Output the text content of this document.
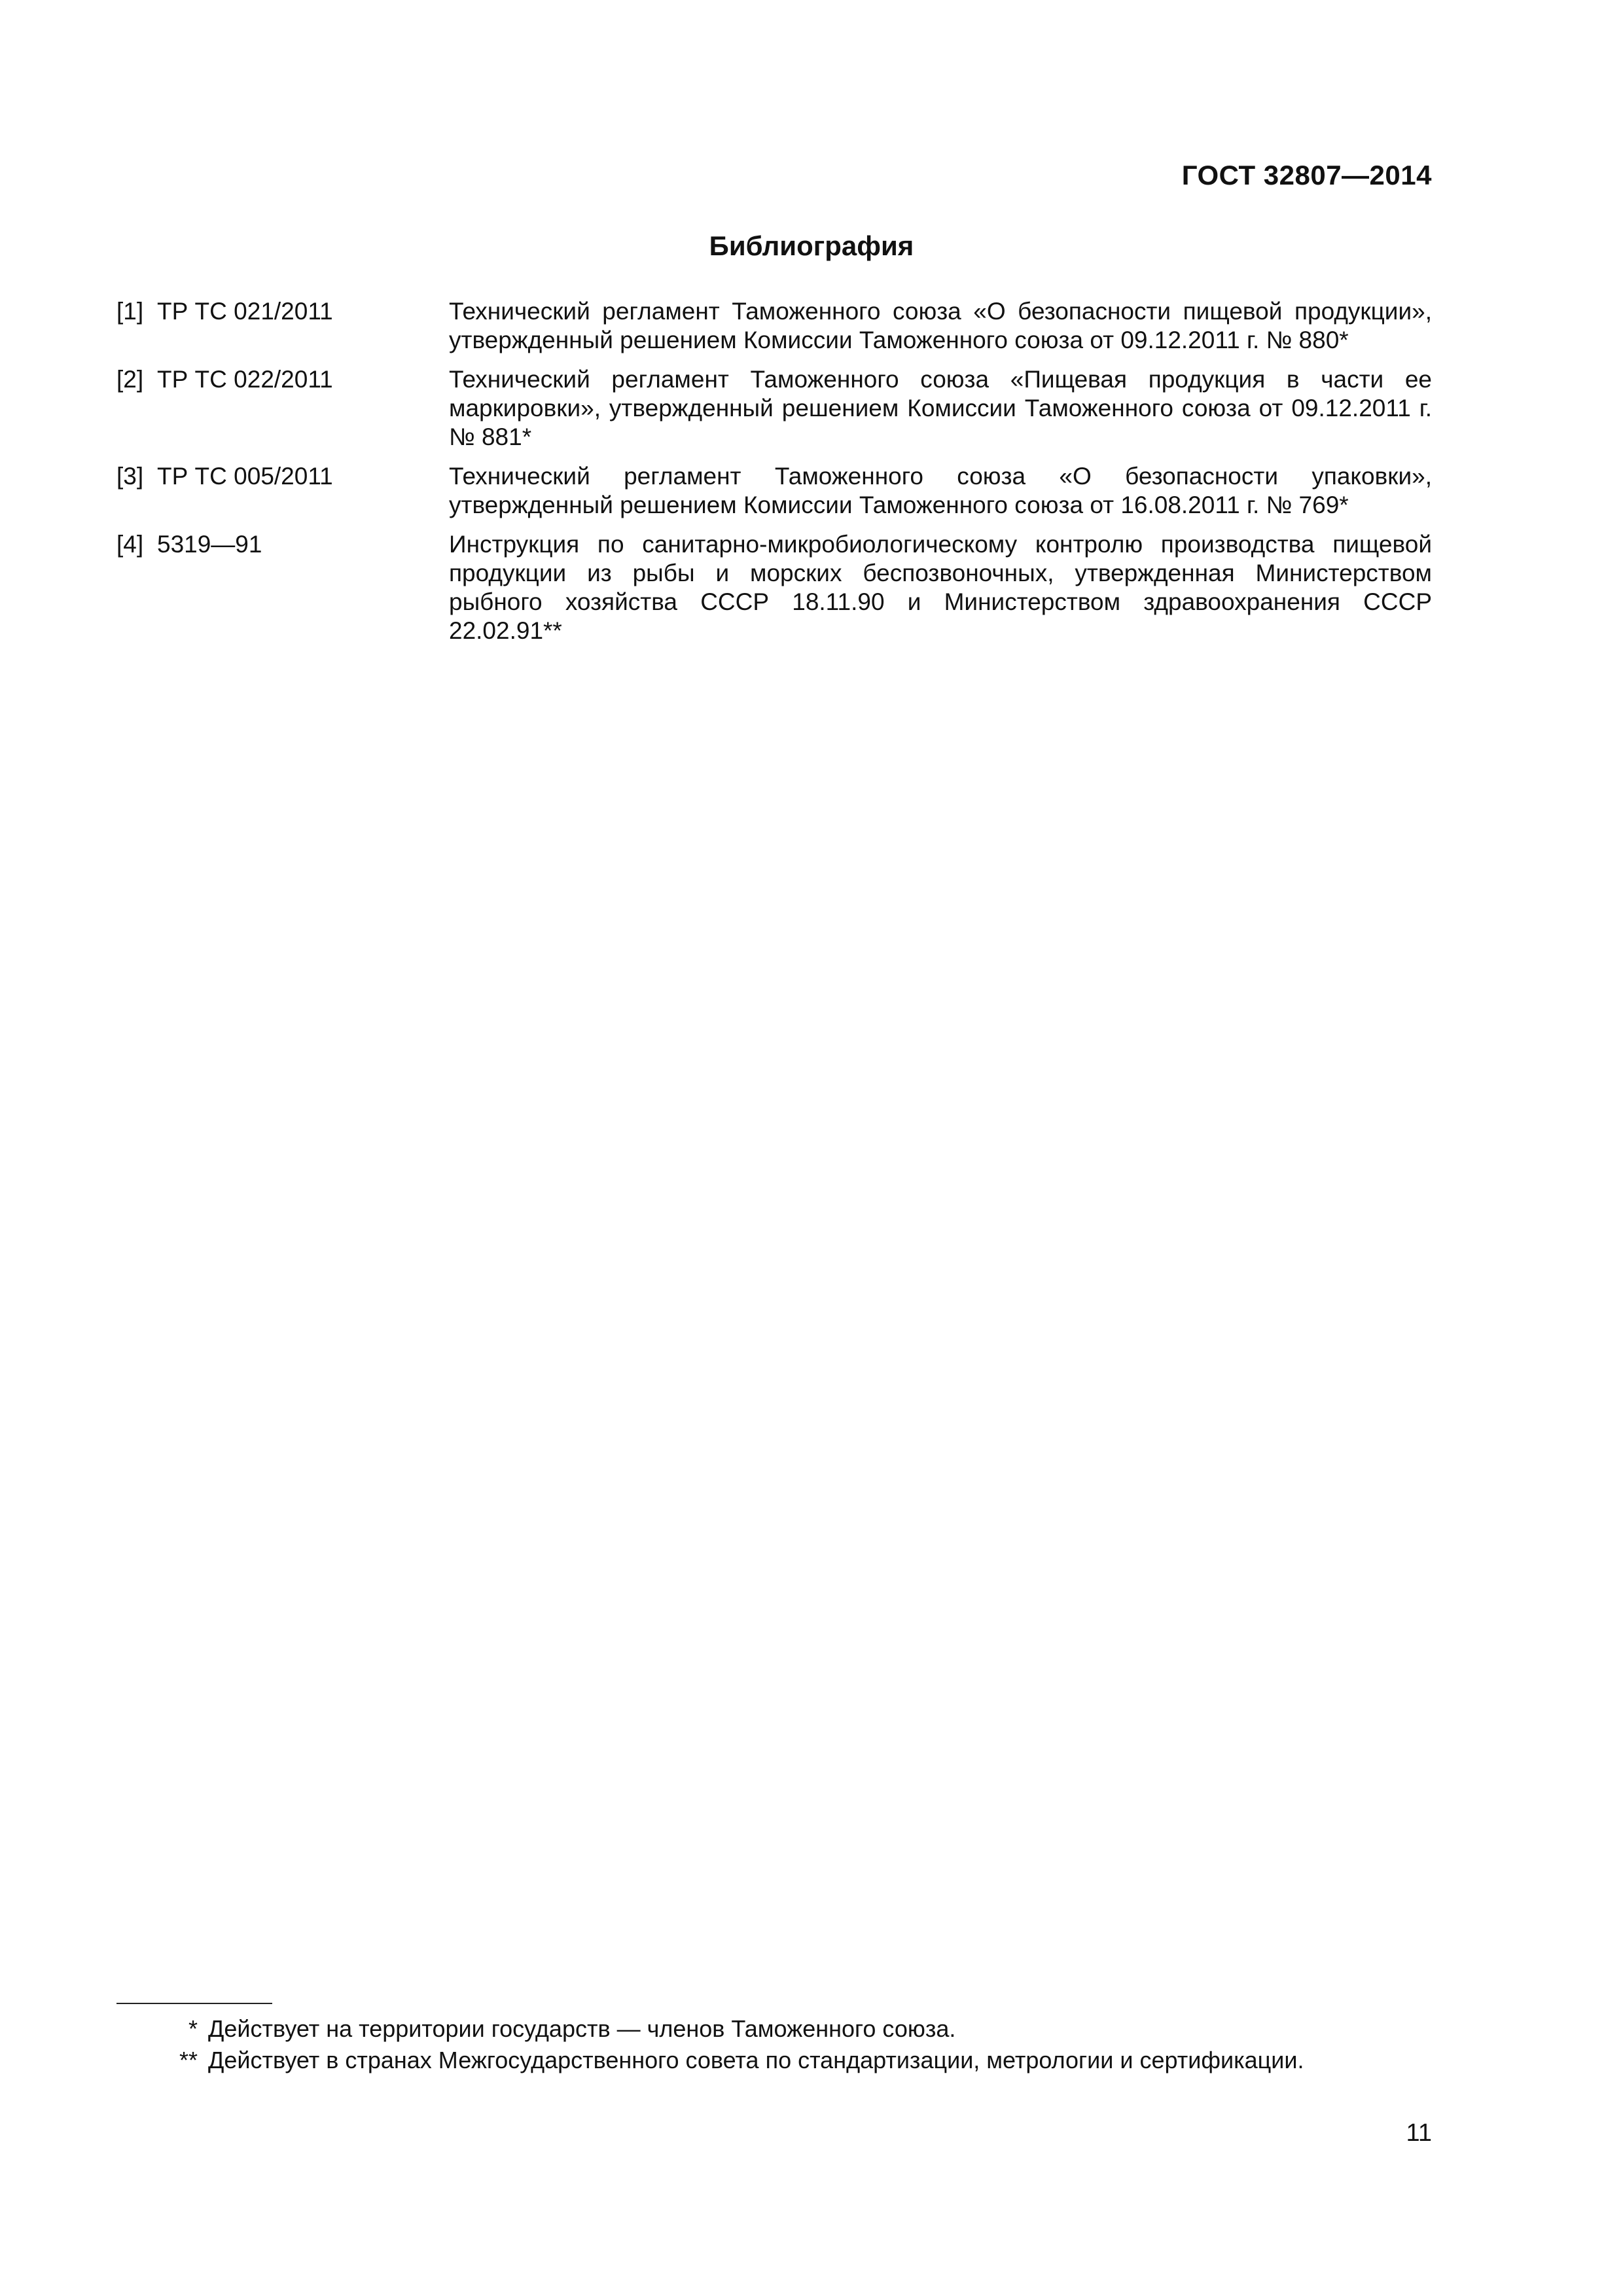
ГОСТ 32807—2014
Библиография
[1] ТР ТС 021/2011	Технический регламент Таможенного союза «О безопасности пищевой продукции», утвержденный решением Комиссии Таможенного союза от 09.12.2011 г. № 880*
[2] ТР ТС 022/2011	Технический регламент Таможенного союза «Пищевая продукция в части ее маркировки», утвержденный решением Комиссии Таможенного союза от 09.12.2011 г. № 881*
[3] ТР ТС 005/2011	Технический регламент Таможенного союза «О безопасности упаковки», утвержденный решением Комиссии Таможенного союза от 16.08.2011 г. № 769*
[4] 5319—91	Инструкция по санитарно-микробиологическому контролю производства пищевой продукции из рыбы и морских беспозвоночных, утвержденная Министерством рыбного хозяйства СССР 18.11.90 и Министерством здравоохранения СССР 22.02.91**
* Действует на территории государств — членов Таможенного союза.
** Действует в странах Межгосударственного совета по стандартизации, метрологии и сертификации.
11
